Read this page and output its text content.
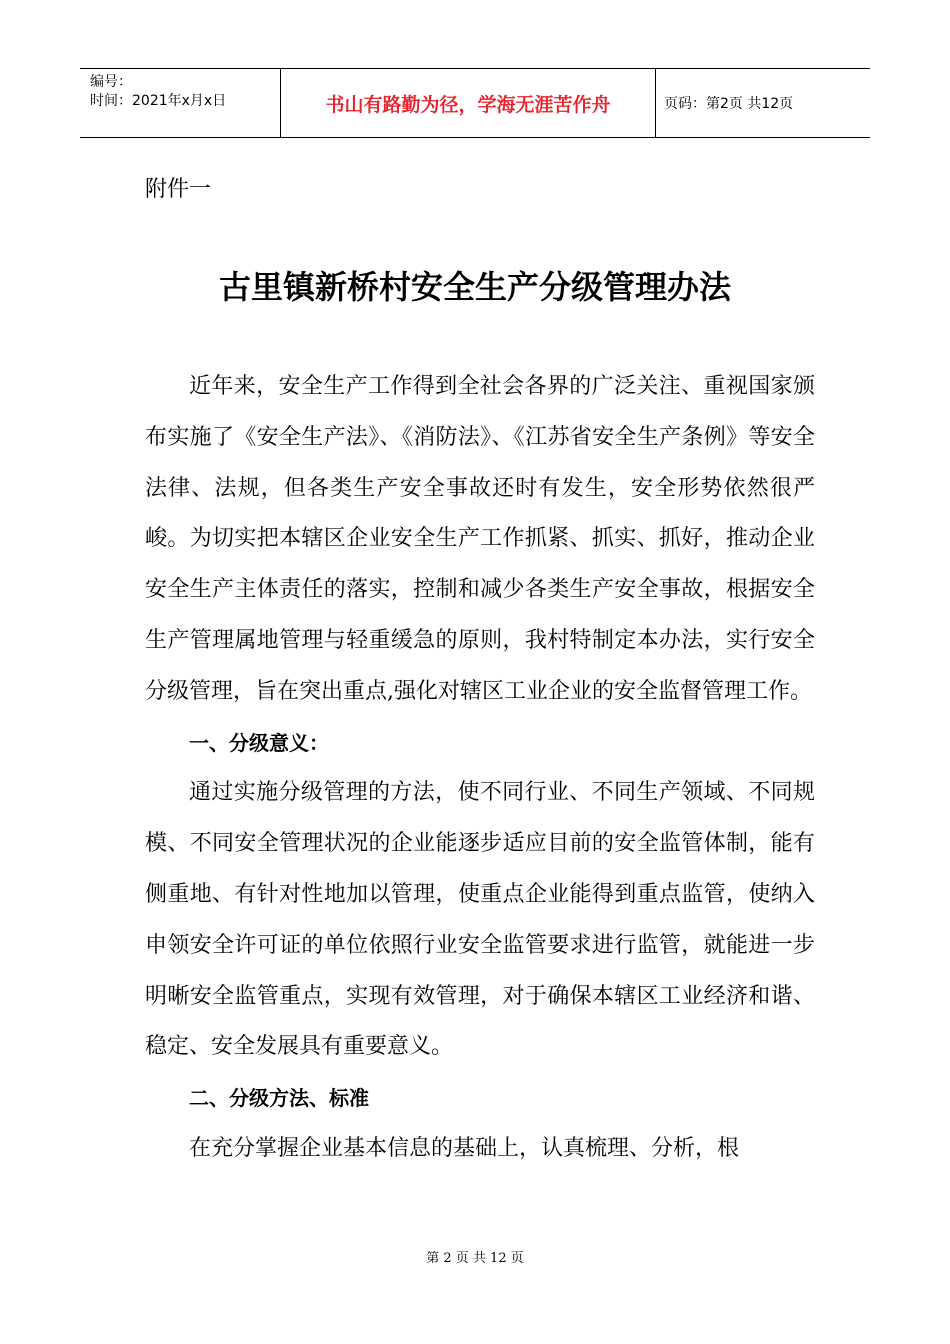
编号：
时间：2021年x月x日	书山有路勤为径，学海无涯苦作舟	页码：第2页 共12页
附件一
古里镇新桥村安全生产分级管理办法

近年来，安全生产工作得到全社会各界的广泛关注、重视国家颁布实施了《安全生产法》、《消防法》、《江苏省安全生产条例》等安全法律、法规，但各类生产安全事故还时有发生，安全形势依然很严峻。为切实把本辖区企业安全生产工作抓紧、抓实、抓好，推动企业安全生产主体责任的落实，控制和减少各类生产安全事故，根据安全生产管理属地管理与轻重缓急的原则，我村特制定本办法，实行安全分级管理，旨在突出重点,强化对辖区工业企业的安全监督管理工作。

一、分级意义：

通过实施分级管理的方法，使不同行业、不同生产领域、不同规模、不同安全管理状况的企业能逐步适应目前的安全监管体制，能有侧重地、有针对性地加以管理，使重点企业能得到重点监管，使纳入申领安全许可证的单位依照行业安全监管要求进行监管，就能进一步明晰安全监管重点，实现有效管理，对于确保本辖区工业经济和谐、稳定、安全发展具有重要意义。

二、分级方法、标准

在充分掌握企业基本信息的基础上，认真梳理、分析，根

第 2 页 共 12 页
